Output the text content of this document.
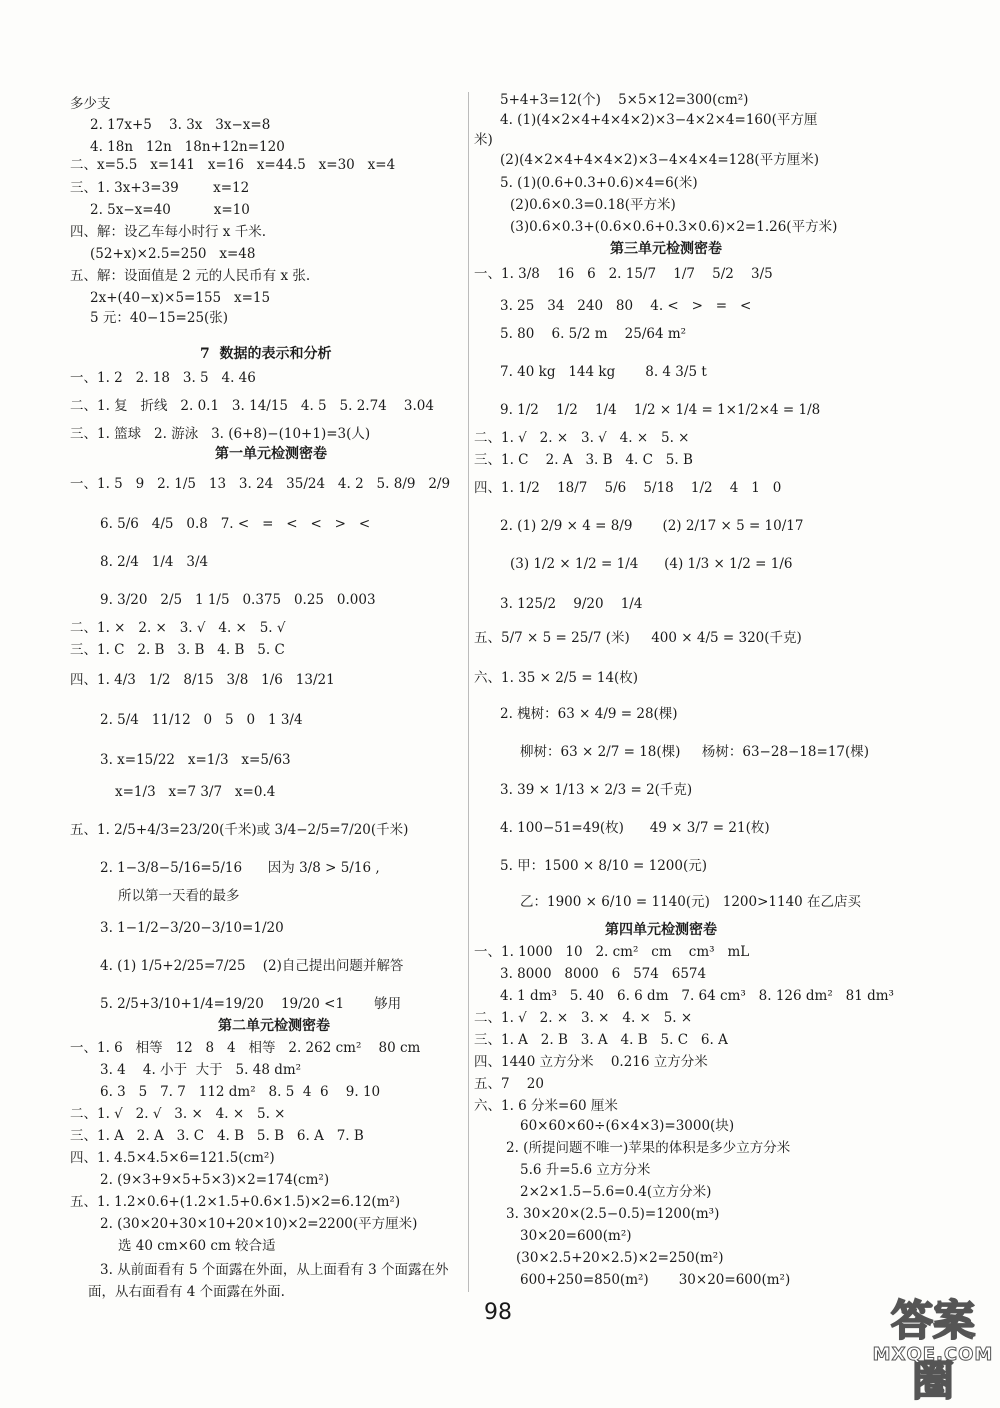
多少支
2. 17x+5    3. 3x   3x−x=8
4. 18n   12n   18n+12n=120
二、x=5.5   x=141   x=16   x=44.5   x=30   x=4
三、1. 3x+3=39        x=12
2. 5x−x=40          x=10
四、解：设乙车每小时行 x 千米.
(52+x)×2.5=250   x=48
五、解：设面值是 2 元的人民币有 x 张.
2x+(40−x)×5=155   x=15
5 元：40−15=25(张)
7  数据的表示和分析
一、1. 2   2. 18   3. 5   4. 46
二、1. 复   折线   2. 0.1   3. 14/15   4. 5   5. 2.74    3.04
三、1. 篮球   2. 游泳   3. (6+8)−(10+1)=3(人)
第一单元检测密卷
一、1. 5   9   2. 1/5   13   3. 24   35/24   4. 2   5. 8/9   2/9
6. 5/6   4/5   0.8   7. <   =   <   <   >   <
8. 2/4   1/4   3/4
9. 3/20   2/5   1 1/5   0.375   0.25   0.003
二、1. ×   2. ×   3. √   4. ×   5. √
三、1. C   2. B   3. B   4. B   5. C
四、1. 4/3   1/2   8/15   3/8   1/6   13/21
2. 5/4   11/12   0   5   0   1 3/4
3. x=15/22   x=1/3   x=5/63
x=1/3   x=7 3/7   x=0.4
五、1. 2/5+4/3=23/20(千米)或 3/4−2/5=7/20(千米)
2. 1−3/8−5/16=5/16      因为 3/8 > 5/16 ,
所以第一天看的最多
3. 1−1/2−3/20−3/10=1/20
4. (1) 1/5+2/25=7/25    (2)自己提出问题并解答
5. 2/5+3/10+1/4=19/20    19/20 <1       够用
第二单元检测密卷
一、1. 6   相等   12   8   4   相等   2. 262 cm²    80 cm
3. 4    4. 小于  大于   5. 48 dm²
6. 3   5   7. 7   112 dm²   8. 5  4  6    9. 10
二、1. √   2. √   3. ×   4. ×   5. ×
三、1. A   2. A   3. C   4. B   5. B   6. A   7. B
四、1. 4.5×4.5×6=121.5(cm²)
2. (9×3+9×5+5×3)×2=174(cm²)
五、1. 1.2×0.6+(1.2×1.5+0.6×1.5)×2=6.12(m²)
2. (30×20+30×10+20×10)×2=2200(平方厘米)
选 40 cm×60 cm 较合适
3. 从前面看有 5 个面露在外面，从上面看有 3 个面露在外
面，从右面看有 4 个面露在外面.
5+4+3=12(个)    5×5×12=300(cm²)
4. (1)(4×2×4+4×4×2)×3−4×2×4=160(平方厘
米)
(2)(4×2×4+4×4×2)×3−4×4×4=128(平方厘米)
5. (1)(0.6+0.3+0.6)×4=6(米)
(2)0.6×0.3=0.18(平方米)
(3)0.6×0.3+(0.6×0.6+0.3×0.6)×2=1.26(平方米)
第三单元检测密卷
一、1. 3/8    16   6   2. 15/7    1/7    5/2    3/5
3. 25   34   240   80    4. <   >   =   <
5. 80    6. 5/2 m    25/64 m²
7. 40 kg   144 kg       8. 4 3/5 t
9. 1/2    1/2    1/4    1/2 × 1/4 = 1×1/2×4 = 1/8
二、1. √   2. ×   3. √   4. ×   5. ×
三、1. C    2. A   3. B   4. C   5. B
四、1. 1/2    18/7    5/6    5/18    1/2    4   1   0
2. (1) 2/9 × 4 = 8/9       (2) 2/17 × 5 = 10/17
(3) 1/2 × 1/2 = 1/4      (4) 1/3 × 1/2 = 1/6
3. 125/2    9/20    1/4
五、5/7 × 5 = 25/7 (米)     400 × 4/5 = 320(千克)
六、1. 35 × 2/5 = 14(枚)
2. 槐树：63 × 4/9 = 28(棵)
柳树：63 × 2/7 = 18(棵)     杨树：63−28−18=17(棵)
3. 39 × 1/13 × 2/3 = 2(千克)
4. 100−51=49(枚)      49 × 3/7 = 21(枚)
5. 甲：1500 × 8/10 = 1200(元)
乙：1900 × 6/10 = 1140(元)   1200>1140 在乙店买
第四单元检测密卷
一、1. 1000   10   2. cm²   cm    cm³   mL
3. 8000   8000   6   574   6574
4. 1 dm³   5. 40   6. 6 dm   7. 64 cm³   8. 126 dm²   81 dm³
二、1. √   2. ×   3. ×   4. ×   5. ×
三、1. A   2. B   3. A   4. B   5. C   6. A
四、1440 立方分米    0.216 立方分米
五、7    20
六、1. 6 分米=60 厘米
60×60×60÷(6×4×3)=3000(块)
2. (所提问题不唯一)苹果的体积是多少立方分米
5.6 升=5.6 立方分米
2×2×1.5−5.6=0.4(立方分米)
3. 30×20×(2.5−0.5)=1200(m³)
30×20=600(m²)
(30×2.5+20×2.5)×2=250(m²)
600+250=850(m²)       30×20=600(m²)
98	答案圈
MXQE.COM
